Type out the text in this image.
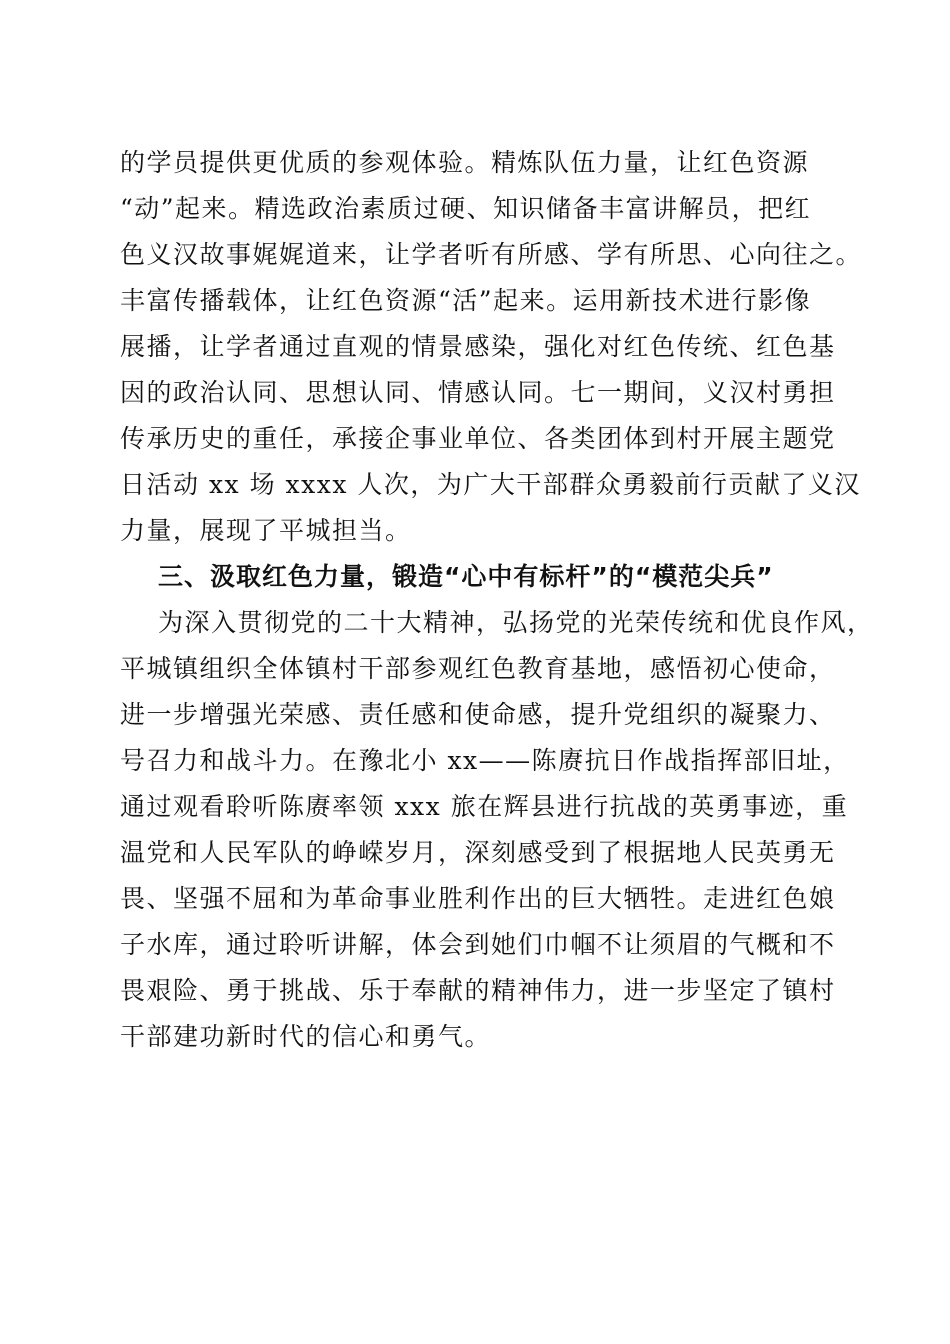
的学员提供更优质的参观体验。精炼队伍力量，让红色资源
“动”起来。精选政治素质过硬、知识储备丰富讲解员，把红
色义汉故事娓娓道来，让学者听有所感、学有所思、心向往之。
丰富传播载体，让红色资源“活”起来。运用新技术进行影像
展播，让学者通过直观的情景感染，强化对红色传统、红色基
因的政治认同、思想认同、情感认同。七一期间，义汉村勇担
传承历史的重任，承接企事业单位、各类团体到村开展主题党
日活动 xx 场 xxxx 人次，为广大干部群众勇毅前行贡献了义汉
力量，展现了平城担当。
三、汲取红色力量，锻造“心中有标杆”的“模范尖兵”
为深入贯彻党的二十大精神，弘扬党的光荣传统和优良作风，
平城镇组织全体镇村干部参观红色教育基地，感悟初心使命，
进一步增强光荣感、责任感和使命感，提升党组织的凝聚力、
号召力和战斗力。在豫北小 xx——陈赓抗日作战指挥部旧址，
通过观看聆听陈赓率领 xxx 旅在辉县进行抗战的英勇事迹，重
温党和人民军队的峥嵘岁月，深刻感受到了根据地人民英勇无
畏、坚强不屈和为革命事业胜利作出的巨大牺牲。走进红色娘
子水库，通过聆听讲解，体会到她们巾帼不让须眉的气概和不
畏艰险、勇于挑战、乐于奉献的精神伟力，进一步坚定了镇村
干部建功新时代的信心和勇气。
